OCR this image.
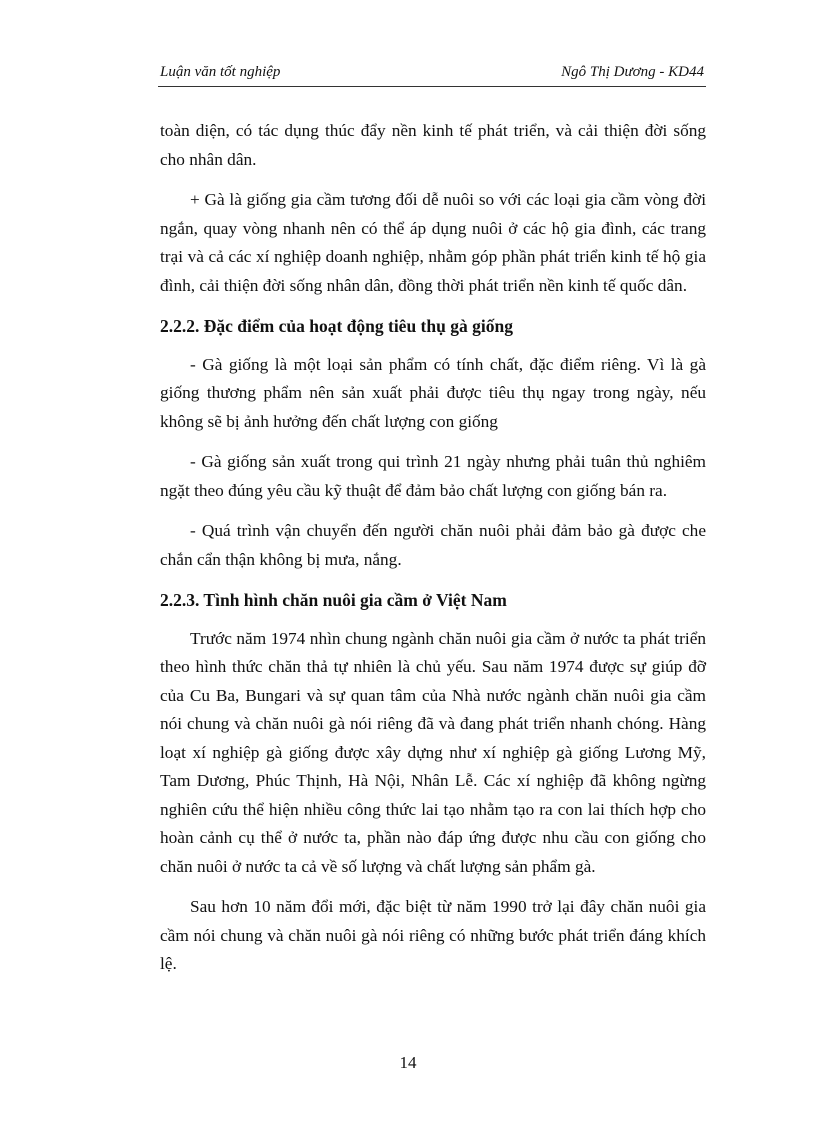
Luận văn tốt nghiệp	Ngô Thị Dương - KD44

toàn diện, có tác dụng thúc đẩy nền kinh tế phát triển, và cải thiện đời sống cho nhân dân.

+ Gà là giống gia cầm tương đối dễ nuôi so với các loại gia cầm vòng đời ngắn, quay vòng nhanh nên có thể áp dụng nuôi ở các hộ gia đình, các trang trại và cả các xí nghiệp doanh nghiệp, nhằm góp phần phát triển kinh tế hộ gia đình, cải thiện đời sống nhân dân, đồng thời phát triển nền kinh tế quốc dân.

2.2.2. Đặc điểm của hoạt động tiêu thụ gà giống

- Gà giống là một loại sản phẩm có tính chất, đặc điểm riêng. Vì là gà giống thương phẩm nên sản xuất phải được tiêu thụ ngay trong ngày, nếu không sẽ bị ảnh hưởng đến chất lượng con giống

- Gà giống sản xuất trong qui trình 21 ngày nhưng phải tuân thủ nghiêm ngặt theo đúng yêu cầu kỹ thuật để đảm bảo chất lượng con giống bán ra.

- Quá trình vận chuyển đến người chăn nuôi phải đảm bảo gà được che chắn cẩn thận không bị mưa, nắng.

2.2.3. Tình hình chăn nuôi gia cầm ở Việt Nam

Trước năm 1974 nhìn chung ngành chăn nuôi gia cầm ở nước ta phát triển theo hình thức chăn thả tự nhiên là chủ yếu. Sau năm 1974 được sự giúp đỡ của Cu Ba, Bungari và sự quan tâm của Nhà nước ngành chăn nuôi gia cầm nói chung và chăn nuôi gà nói riêng đã và đang phát triển nhanh chóng. Hàng loạt xí nghiệp gà giống được xây dựng như xí nghiệp gà giống Lương Mỹ, Tam Dương, Phúc Thịnh, Hà Nội, Nhân Lễ. Các xí nghiệp đã không ngừng nghiên cứu thể hiện nhiều công thức lai tạo nhằm tạo ra con lai thích hợp cho hoàn cảnh cụ thể ở nước ta, phần nào đáp ứng được nhu cầu con giống cho chăn nuôi ở nước ta cả về số lượng và chất lượng sản phẩm gà.

Sau hơn 10 năm đổi mới, đặc biệt từ năm 1990 trở lại đây chăn nuôi gia cầm nói chung và chăn nuôi gà nói riêng có những bước phát triển đáng khích lệ.

14
